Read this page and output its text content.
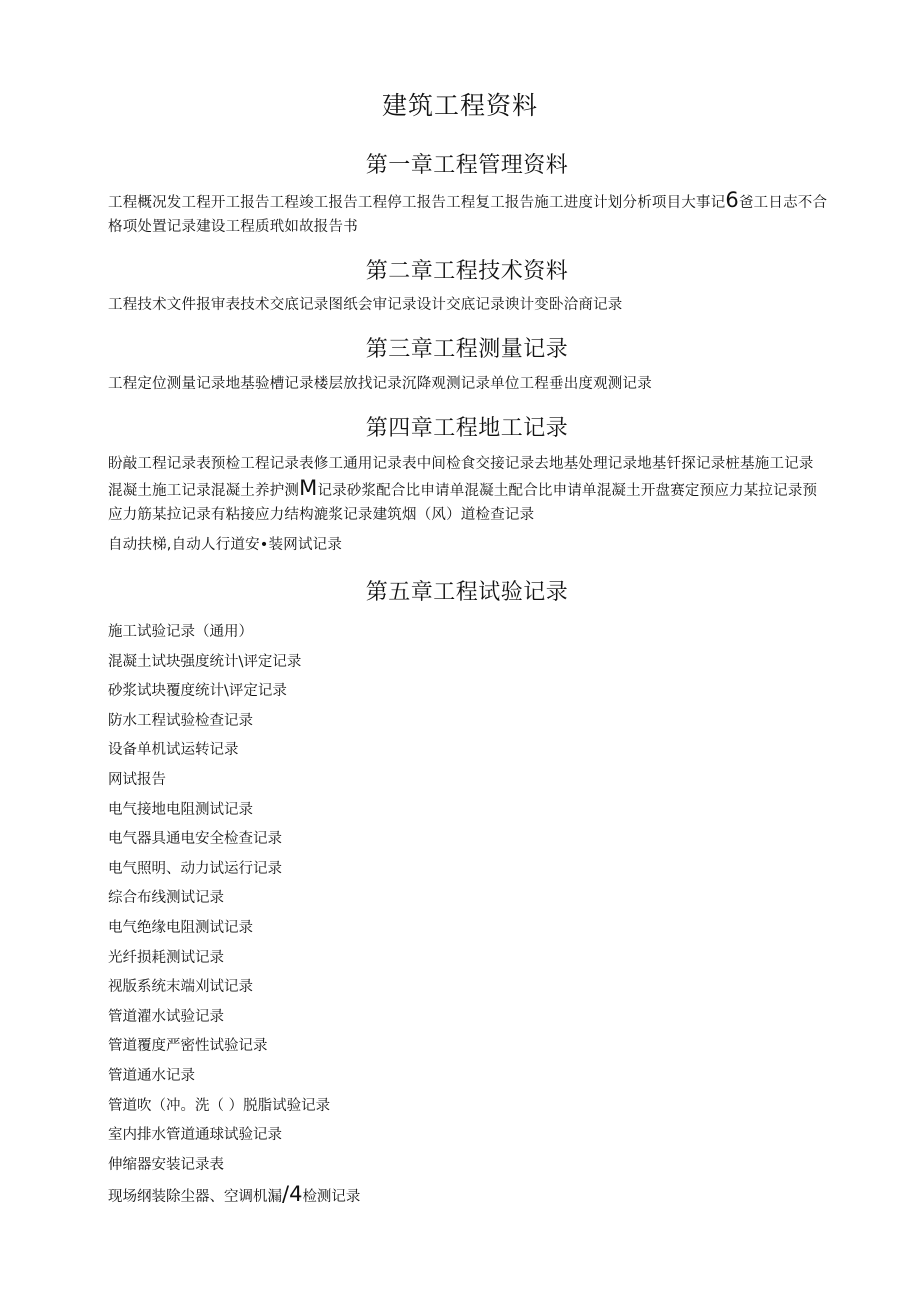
建筑工程资料
第一章工程管理资料
工程概况发工程开工报告工程竣工报告工程停工报告工程复工报告施工进度计划分析项目大事记6爸工日志不合格项处置记录建设工程质玳如故报告书
第二章工程技术资料
工程技术文件报审表技术交底记录图纸会审记录设计交底记录谀计变卧洽商记录
第三章工程测量记录
工程定位测量记录地基验槽记录楼层放找记录沉降观测记录单位工程垂出度观测记录
第四章工程地工记录
盼敲工程记录表预检工程记录表修工通用记录表中间检食交接记录去地基处理记录地基钎探记录桩基施工记录混凝土施工记录混凝土养护测M记录砂浆配合比申请单混凝土配合比申请单混凝土开盘赛定预应力某拉记录预应力筋某拉记录有粘接应力结构漉浆记录建筑烟（风）道检查记录
自动扶梯,自动人行道安•装网试记录
第五章工程试验记录
施工试验记录（通用）
混凝土试块强度统计\评定记录
砂浆试块覆度统计\评定记录
防水工程试验检查记录
设备单机试运转记录
网试报告
电气接地电阻测试记录
电气器具通电安全检查记录
电气照明、动力试运行记录
综合布线测试记录
电气绝缘电阻测试记录
光纤损耗测试记录
视版系统末端刈试记录
管道濯水试验记录
管道覆度严密性试验记录
管道通水记录
管道吹（冲。洗（ ）脱脂试验记录
室内排水管道通球试验记录
伸缩器安装记录表
现场纲装除尘器、空调机漏/4检测记录
